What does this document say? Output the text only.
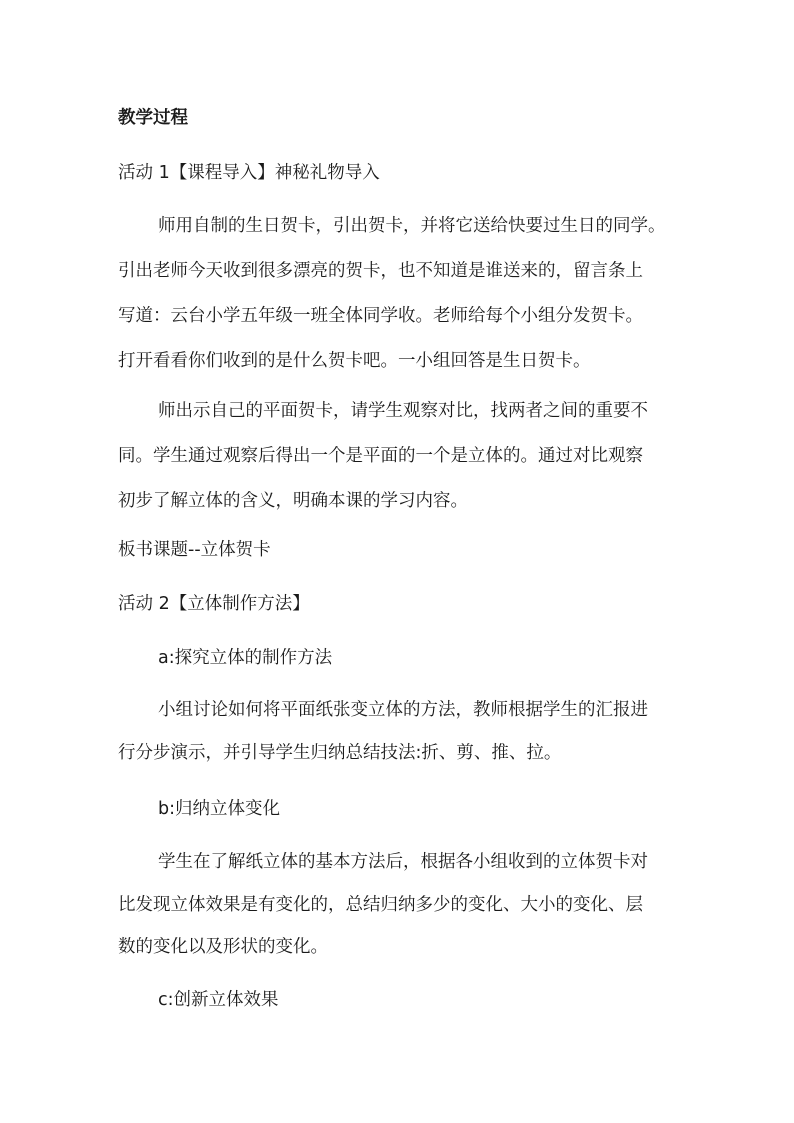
教学过程

活动 1【课程导入】神秘礼物导入

师用自制的生日贺卡，引出贺卡，并将它送给快要过生日的同学。

引出老师今天收到很多漂亮的贺卡，也不知道是谁送来的，留言条上

写道：云台小学五年级一班全体同学收。老师给每个小组分发贺卡。

打开看看你们收到的是什么贺卡吧。一小组回答是生日贺卡。

师出示自己的平面贺卡，请学生观察对比，找两者之间的重要不

同。学生通过观察后得出一个是平面的一个是立体的。通过对比观察

初步了解立体的含义，明确本课的学习内容。

板书课题--立体贺卡

活动 2【立体制作方法】

a:探究立体的制作方法

小组讨论如何将平面纸张变立体的方法，教师根据学生的汇报进

行分步演示，并引导学生归纳总结技法:折、剪、推、拉。

b:归纳立体变化

学生在了解纸立体的基本方法后，根据各小组收到的立体贺卡对

比发现立体效果是有变化的，总结归纳多少的变化、大小的变化、层

数的变化以及形状的变化。

c:创新立体效果
